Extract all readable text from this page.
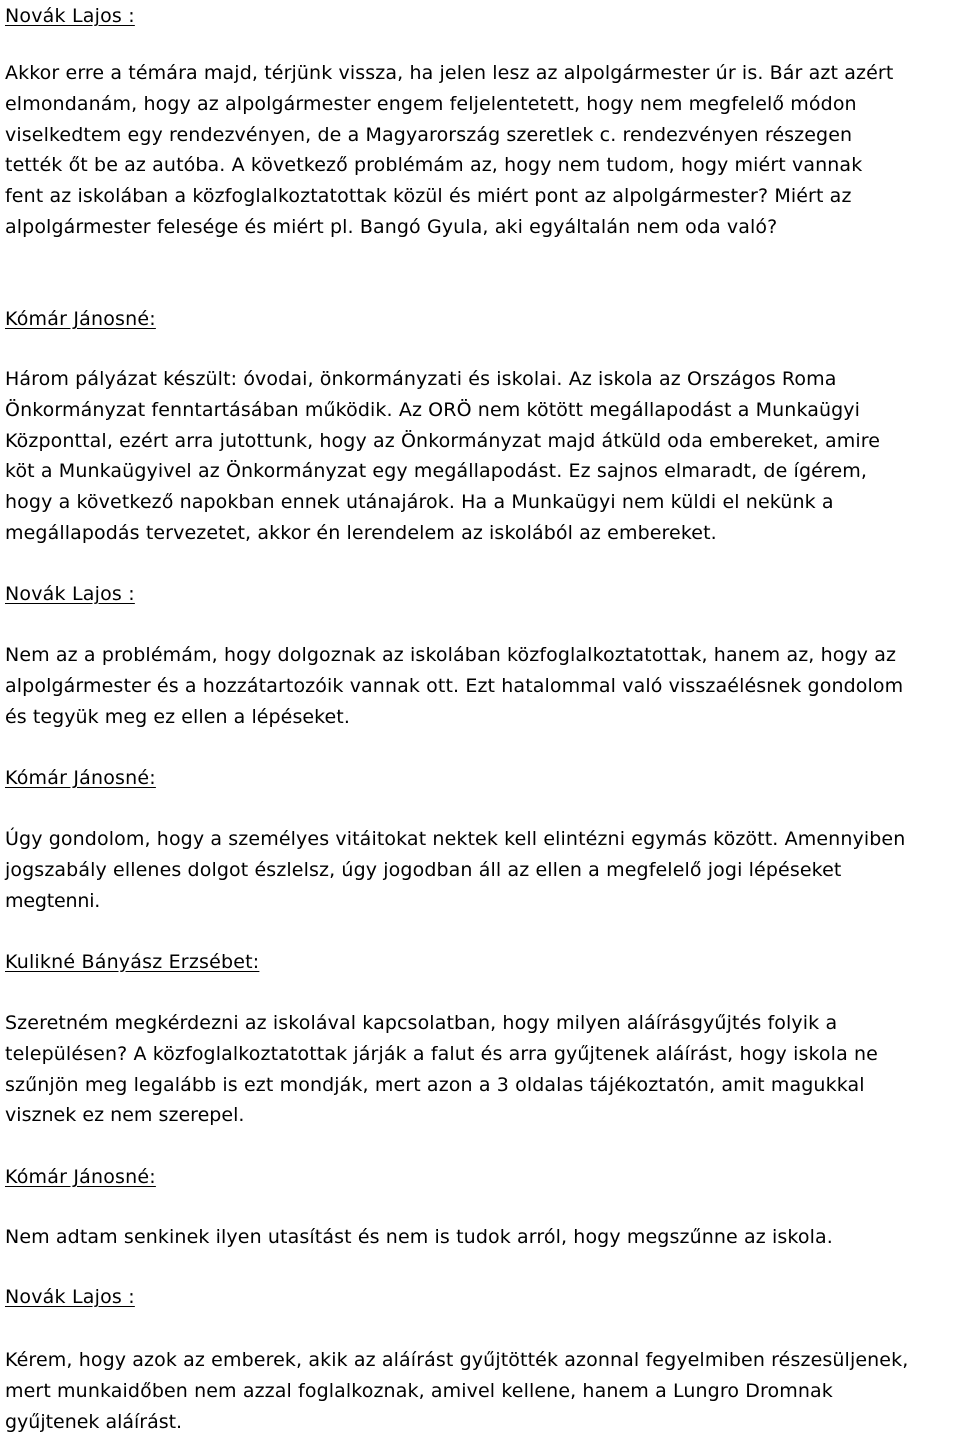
Novák Lajos :
Akkor erre a témára majd, térjünk vissza, ha jelen lesz az alpolgármester úr is. Bár azt azért
elmondanám, hogy az alpolgármester engem feljelentetett, hogy nem megfelelő módon
viselkedtem egy rendezvényen, de a Magyarország szeretlek c. rendezvényen részegen
tették őt be az autóba. A következő problémám az, hogy nem tudom, hogy miért vannak
fent az iskolában a közfoglalkoztatottak közül és miért pont az alpolgármester? Miért az
alpolgármester felesége és miért pl. Bangó Gyula, aki egyáltalán nem oda való?
Kómár Jánosné:
Három pályázat készült: óvodai, önkormányzati és iskolai. Az iskola az Országos Roma
Önkormányzat fenntartásában működik. Az ORÖ nem kötött megállapodást a Munkaügyi
Központtal, ezért arra jutottunk, hogy az Önkormányzat majd átküld oda embereket, amire
köt a Munkaügyivel az Önkormányzat egy megállapodást. Ez sajnos elmaradt, de ígérem,
hogy a következő napokban ennek utánajárok. Ha a Munkaügyi nem küldi el nekünk a
megállapodás tervezetet, akkor én lerendelem az iskolából az embereket.
Novák Lajos :
Nem az a problémám, hogy dolgoznak az iskolában közfoglalkoztatottak, hanem az, hogy az
alpolgármester és a hozzátartozóik vannak ott. Ezt hatalommal való visszaélésnek gondolom
és tegyük meg ez ellen a lépéseket.
Kómár Jánosné:
Úgy gondolom, hogy a személyes vitáitokat nektek kell elintézni egymás között. Amennyiben
jogszabály ellenes dolgot észlelsz, úgy jogodban áll az ellen a megfelelő jogi lépéseket
megtenni.
Kulikné Bányász Erzsébet:
Szeretném megkérdezni az iskolával kapcsolatban, hogy milyen aláírásgyűjtés folyik a
településen? A közfoglalkoztatottak járják a falut és arra gyűjtenek aláírást, hogy iskola ne
szűnjön meg legalább is ezt mondják, mert azon a 3 oldalas tájékoztatón, amit magukkal
visznek ez nem szerepel.
Kómár Jánosné:
Nem adtam senkinek ilyen utasítást és nem is tudok arról, hogy megszűnne az iskola.
Novák Lajos :
Kérem, hogy azok az emberek, akik az aláírást gyűjtötték azonnal fegyelmiben részesüljenek,
mert munkaidőben nem azzal foglalkoznak, amivel kellene, hanem a Lungro Dromnak
gyűjtenek aláírást.
